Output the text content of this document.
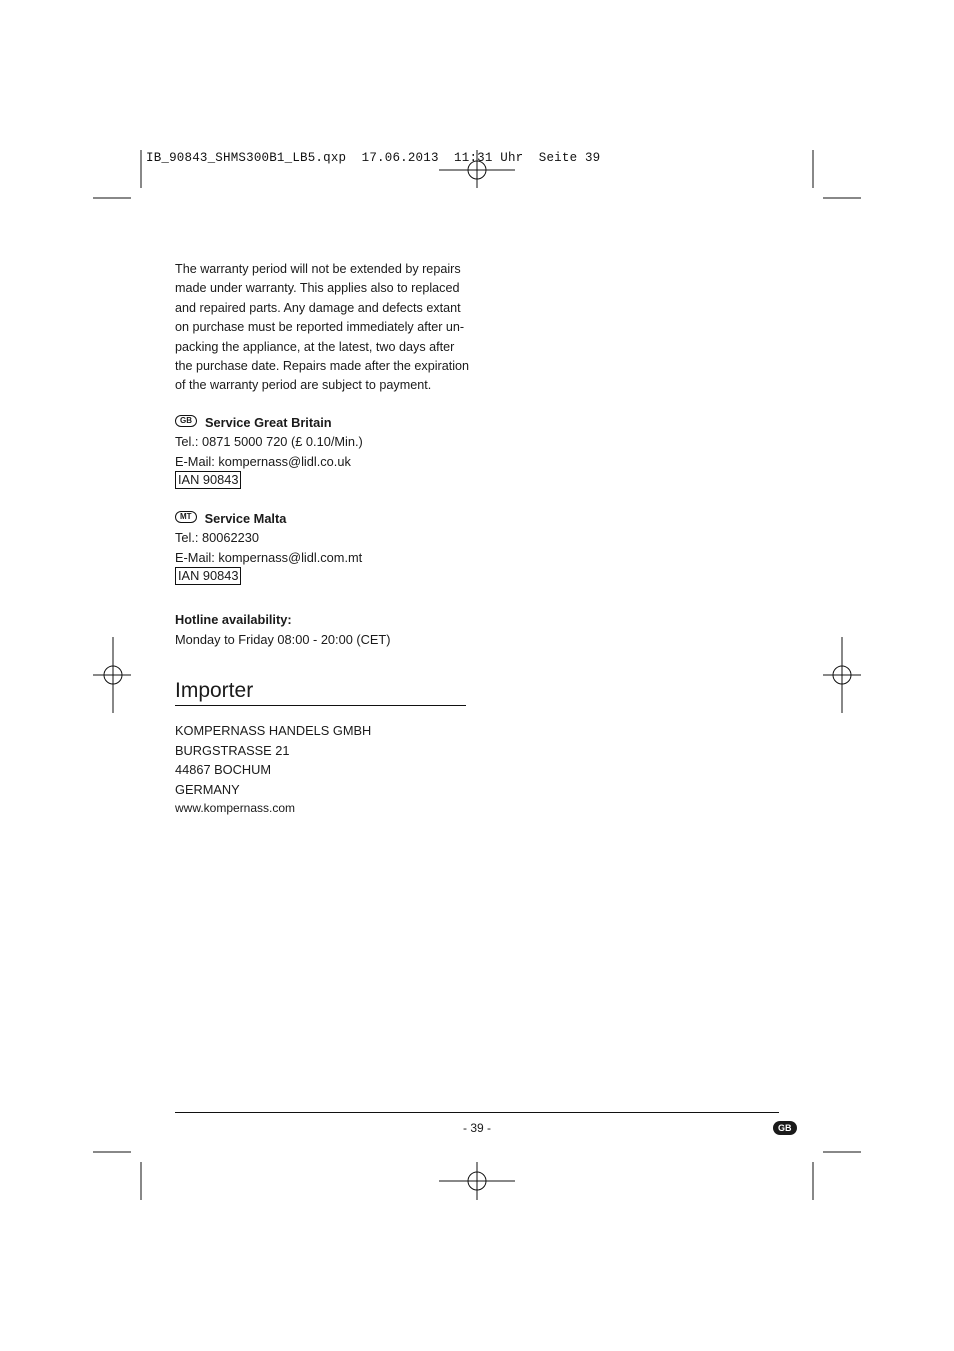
IB_90843_SHMS300B1_LB5.qxp  17.06.2013  11:31 Uhr  Seite 39

The warranty period will not be extended by repairs

made under warranty. This applies also to replaced

and repaired parts. Any damage and defects extant

on purchase must be reported immediately after un-

packing the appliance, at the latest, two days after

the purchase date. Repairs made after the expiration

of the warranty period are subject to payment.

GB	Service Great Britain
Tel.: 0871 5000 720 (£ 0.10/Min.)
E-Mail: kompernass@lidl.co.uk
IAN 90843
MT	Service Malta
Tel.: 80062230
E-Mail: kompernass@lidl.com.mt
IAN 90843
Hotline availability:
Monday to Friday 08:00 - 20:00 (CET)
Importer
KOMPERNASS HANDELS GMBH
BURGSTRASSE 21
44867 BOCHUM
GERMANY
www.kompernass.com
- 39 -	GB
